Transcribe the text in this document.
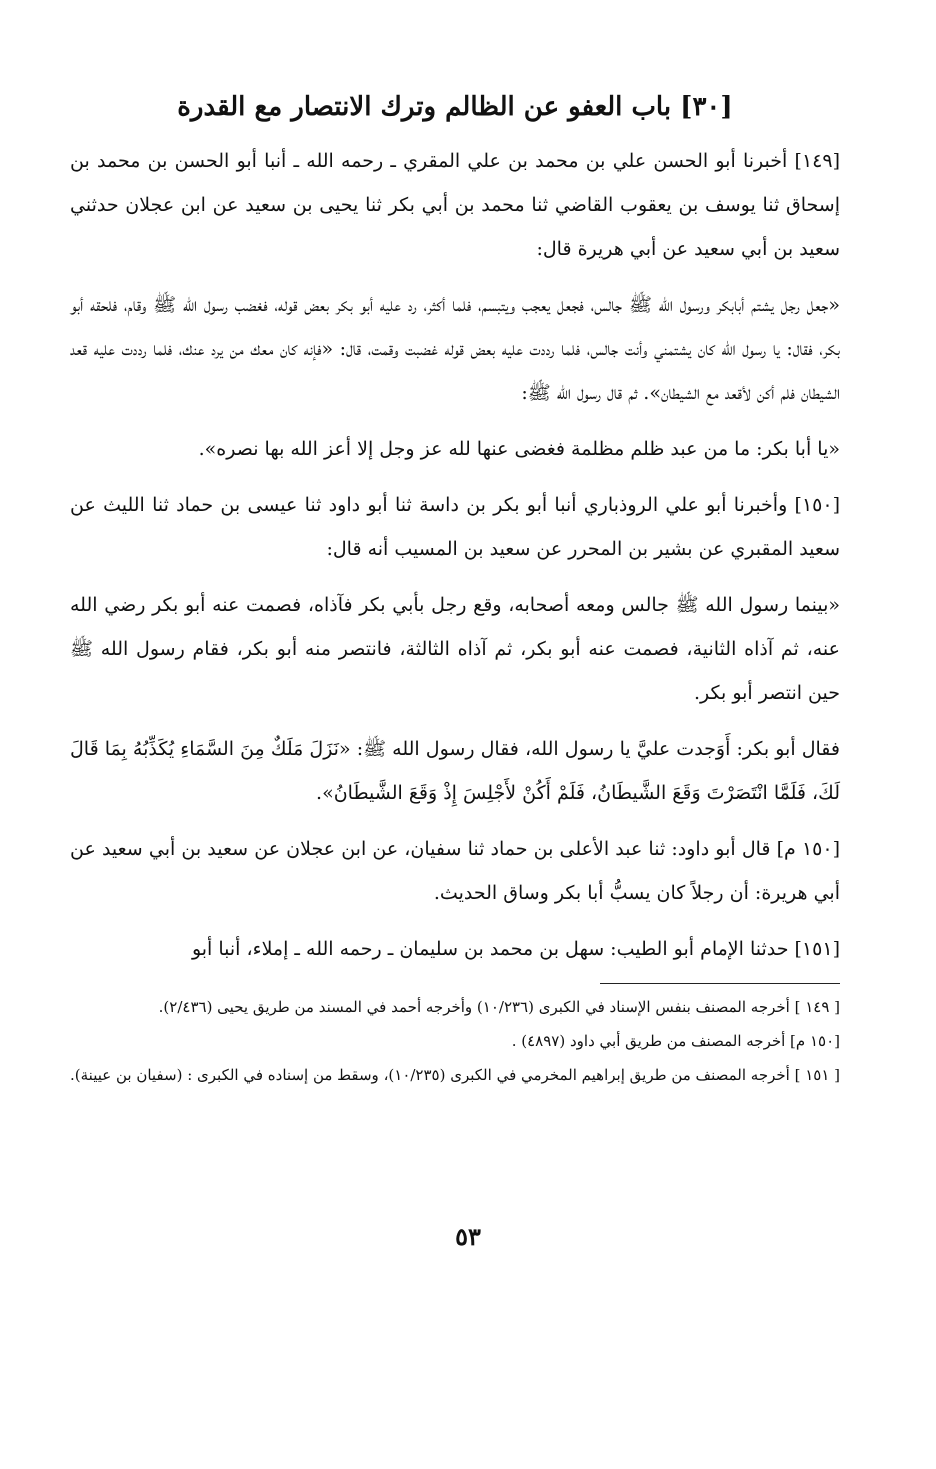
[٣٠] باب العفو عن الظالم وترك الانتصار مع القدرة

[١٤٩] أخبرنا أبو الحسن علي بن محمد بن علي المقري ـ رحمه الله ـ أنبا أبو الحسن بن محمد بن إسحاق ثنا يوسف بن يعقوب القاضي ثنا محمد بن أبي بكر ثنا يحيى بن سعيد عن ابن عجلان حدثني سعيد بن أبي سعيد عن أبي هريرة قال:

«جعل رجل يشتم أبابكر ورسول الله ﷺ جالس، فجعل يعجب ويتبسم، فلما أكثر، رد عليه أبو بكر بعض قوله، فغضب رسول الله ﷺ وقام، فلحقه أبو بكر، فقال: يا رسول الله كان يشتمني وأنت جالس، فلما رددت عليه بعض قوله غضبت وقمت، قال: «فإنه كان معك من يرد عنك، فلما رددت عليه قعد الشيطان فلم أكن لأقعد مع الشيطان». ثم قال رسول الله ﷺ:

«يا أبا بكر: ما من عبد ظلم مظلمة فغضى عنها لله عز وجل إلا أعز الله بها نصره».

[١٥٠] وأخبرنا أبو علي الروذباري أنبا أبو بكر بن داسة ثنا أبو داود ثنا عيسى بن حماد ثنا الليث عن سعيد المقبري عن بشير بن المحرر عن سعيد بن المسيب أنه قال:

«بينما رسول الله ﷺ جالس ومعه أصحابه، وقع رجل بأبي بكر فآذاه، فصمت عنه أبو بكر رضي الله عنه، ثم آذاه الثانية، فصمت عنه أبو بكر، ثم آذاه الثالثة، فانتصر منه أبو بكر، فقام رسول الله ﷺ حين انتصر أبو بكر.

فقال أبو بكر: أَوَجدت عليَّ يا رسول الله، فقال رسول الله ﷺ: «نَزَلَ مَلَكٌ مِنَ السَّمَاءِ يُكَذِّبُهُ بِمَا قَالَ لَكَ، فَلَمَّا انْتَصَرْتَ وَقَعَ الشَّيطَانُ، فَلَمْ أَكُنْ لأَجْلِسَ إِذْ وَقَعَ الشَّيطَانُ».

[١٥٠ م] قال أبو داود: ثنا عبد الأعلى بن حماد ثنا سفيان، عن ابن عجلان عن سعيد بن أبي سعيد عن أبي هريرة: أن رجلاً كان يسبُّ أبا بكر وساق الحديث.

[١٥١] حدثنا الإمام أبو الطيب: سهل بن محمد بن سليمان ـ رحمه الله ـ إملاء، أنبا أبو

[ ١٤٩ ] أخرجه المصنف بنفس الإسناد في الكبرى (١٠/٢٣٦) وأخرجه أحمد في المسند من طريق يحيى (٢/٤٣٦).

[١٥٠ م] أخرجه المصنف من طريق أبي داود (٤٨٩٧) .

[ ١٥١ ] أخرجه المصنف من طريق إبراهيم المخرمي في الكبرى (١٠/٢٣٥)، وسقط من إسناده في الكبرى : (سفيان بن عيينة).

٥٣
